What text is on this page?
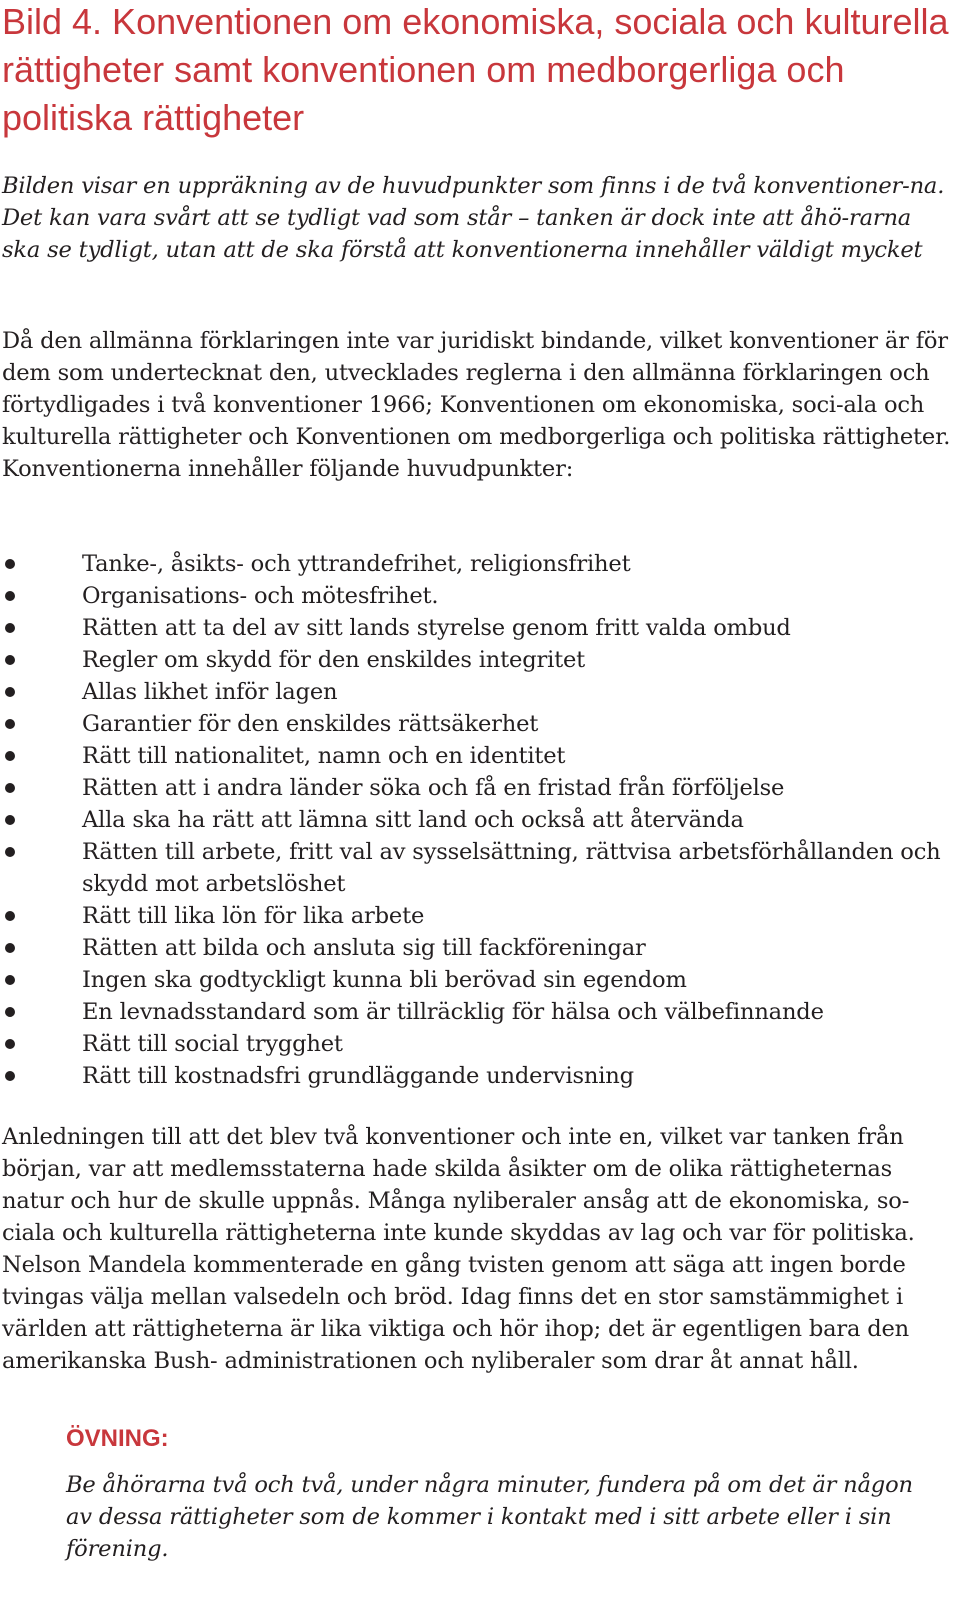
Bild 4. Konventionen om ekonomiska, sociala och kulturella rättigheter samt konventionen om medborgerliga och politiska rättigheter

Bilden visar en uppräkning av de huvudpunkter som finns i de två konventioner-na. Det kan vara svårt att se tydligt vad som står – tanken är dock inte att åhö-rarna ska se tydligt, utan att de ska förstå att konventionerna innehåller väldigt mycket

Då den allmänna förklaringen inte var juridiskt bindande, vilket konventioner är för dem som undertecknat den, utvecklades reglerna i den allmänna förklaringen och förtydligades i två konventioner 1966; Konventionen om ekonomiska, soci-ala och kulturella rättigheter och Konventionen om medborgerliga och politiska rättigheter. Konventionerna innehåller följande huvudpunkter:

Tanke-, åsikts- och yttrandefrihet, religionsfrihet
Organisations- och mötesfrihet.
Rätten att ta del av sitt lands styrelse genom fritt valda ombud
Regler om skydd för den enskildes integritet
Allas likhet inför lagen
Garantier för den enskildes rättsäkerhet
Rätt till nationalitet, namn och en identitet
Rätten att i andra länder söka och få en fristad från förföljelse
Alla ska ha rätt att lämna sitt land och också att återvända
Rätten till arbete, fritt val av sysselsättning, rättvisa arbetsförhållanden och skydd mot arbetslöshet
Rätt till lika lön för lika arbete
Rätten att bilda och ansluta sig till fackföreningar
Ingen ska godtyckligt kunna bli berövad sin egendom
En levnadsstandard som är tillräcklig för hälsa och välbefinnande
Rätt till social trygghet
Rätt till kostnadsfri grundläggande undervisning

Anledningen till att det blev två konventioner och inte en, vilket var tanken från början, var att medlemsstaterna hade skilda åsikter om de olika rättigheternas natur och hur de skulle uppnås. Många nyliberaler ansåg att de ekonomiska, so-ciala och kulturella rättigheterna inte kunde skyddas av lag och var för politiska. Nelson Mandela kommenterade en gång tvisten genom att säga att ingen borde tvingas välja mellan valsedeln och bröd. Idag finns det en stor samstämmighet i världen att rättigheterna är lika viktiga och hör ihop; det är egentligen bara den amerikanska Bush- administrationen och nyliberaler som drar åt annat håll.

ÖVNING:

Be åhörarna två och två, under några minuter, fundera på om det är någon av dessa rättigheter som de kommer i kontakt med i sitt arbete eller i sin förening.
